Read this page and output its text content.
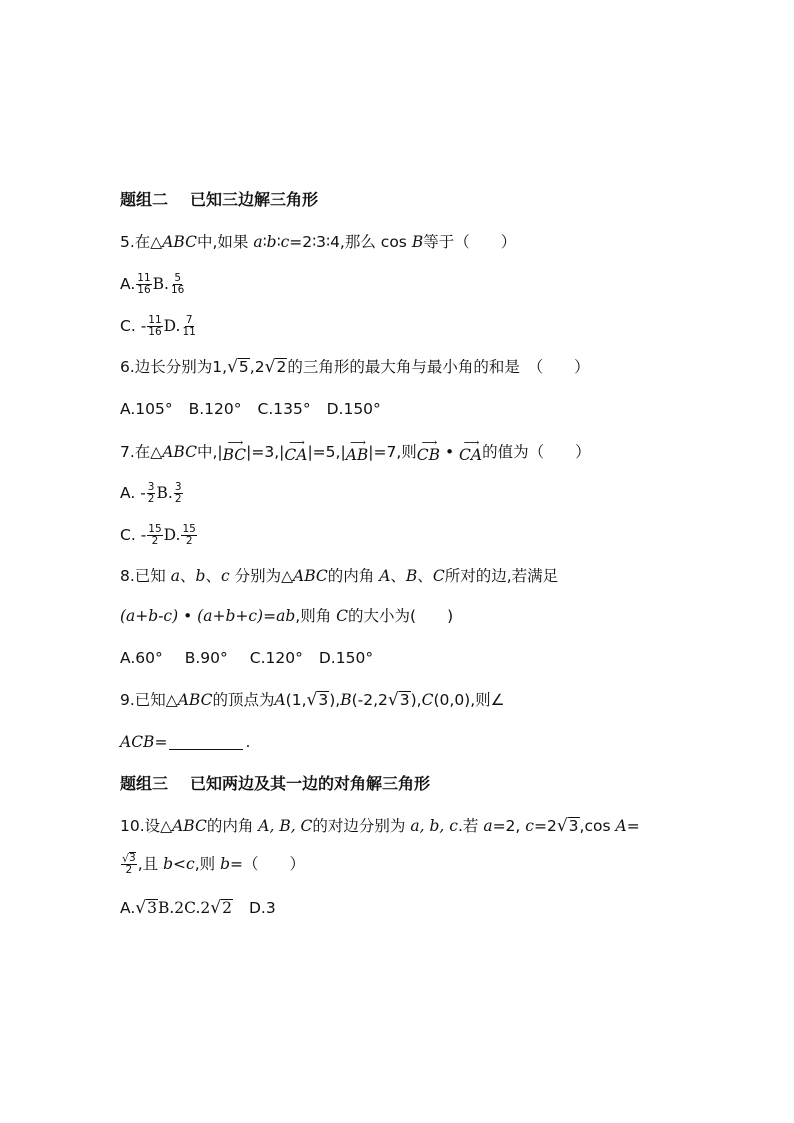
题组二 已知三边解三角形
5.在△ ABC 中,如果
a ∶ b ∶ c =2∶3∶4,那么 cos
B 等于（　　）
A. $\frac{11}{16} B$. $\frac{5}{16}$
C.
- $\frac{11}{16} D$. $\frac{7}{11}$
6.边长分别为1, √ 5 ,2 √ 2 的三角形的最大角与最小角的和是　（　　）
A.105° B.120° C.135° D.150°
7.在△ ABC 中,| ⟶
BC |=3,| ⟶
CA |=5,| ⟶
AB |=7,则 ⟶
CB • ⟶
CA 的值为（　　）
A.
- $\frac{3}{2} B$. $\frac{3}{2}$
C.
- $\frac{15}{2} D$. $\frac{15}{2}$
8.已知
a 、 b 、 c
分别为△ ABC 的内角
A 、 B 、 C 所对的边,若满足
(a+b-c) • (a+b+c) = ab ,则角
C 的大小为(　　)
A.60° B.90° C.120° D.150°
9.已知△ ABC 的顶点为 A (1, √ 3 ), B (-2,2 √ 3 ), C (0,0),则∠
ACB =	.
题组三 已知两边及其一边的对角解三角形
10.设△ ABC 的内角
A, B, C 的对边分别为
a, b, c .若
a =2,
c =2 √ 3 ,cos
A =
$\frac{√ 3}{2}$ ,且
b < c ,则
b =（　　）
A. √ 3 B.2 C.2 √ 2 D.3
